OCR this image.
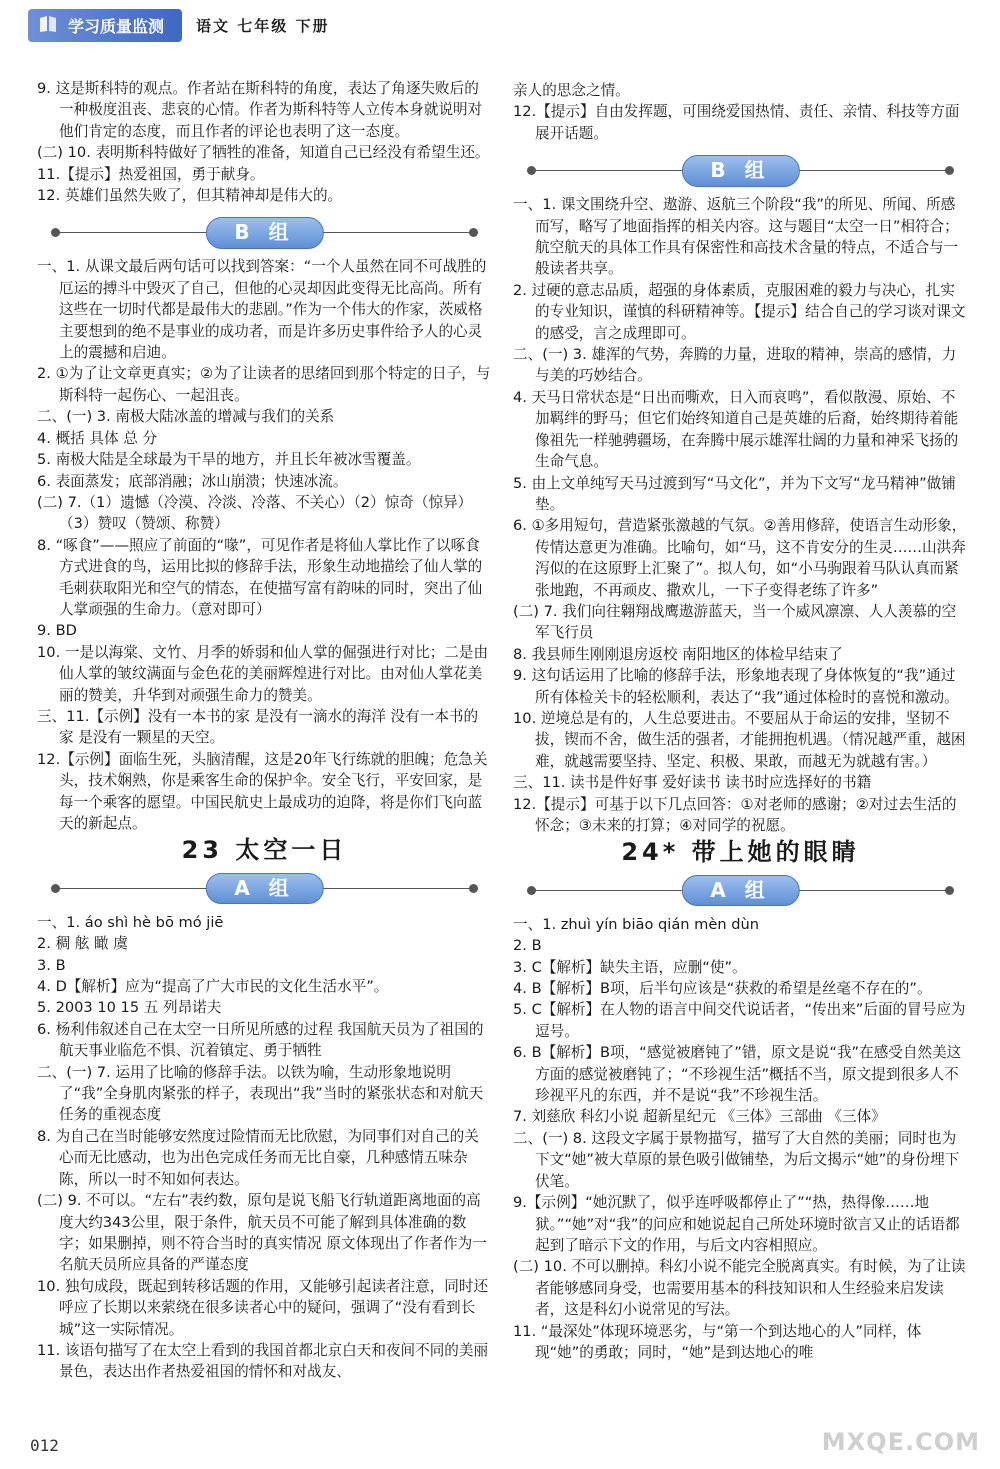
学习质量监测	语文 七年级 下册

9. 这是斯科特的观点。作者站在斯科特的角度，表达了角逐失败后的一种极度沮丧、悲哀的心情。作者为斯科特等人立传本身就说明对他们肯定的态度，而且作者的评论也表明了这一态度。

(二) 10. 表明斯科特做好了牺牲的准备，知道自己已经没有希望生还。

11.【提示】热爱祖国，勇于献身。

12. 英雄们虽然失败了，但其精神却是伟大的。

B 组

一、1. 从课文最后两句话可以找到答案：“一个人虽然在同不可战胜的厄运的搏斗中毁灭了自己，但他的心灵却因此变得无比高尚。所有这些在一切时代都是最伟大的悲剧。”作为一个伟大的作家，茨威格主要想到的绝不是事业的成功者，而是许多历史事件给予人的心灵上的震撼和启迪。

2. ①为了让文章更真实；②为了让读者的思绪回到那个特定的日子，与斯科特一起伤心、一起沮丧。

二、(一) 3. 南极大陆冰盖的增减与我们的关系

4. 概括 具体 总 分

5. 南极大陆是全球最为干旱的地方，并且长年被冰雪覆盖。

6. 表面蒸发；底部消融；冰山崩溃；快速冰流。

(二) 7.（1）遗憾（冷漠、冷淡、冷落、不关心）（2）惊奇（惊异）（3）赞叹（赞颂、称赞）

8. “啄食”——照应了前面的“喙”，可见作者是将仙人掌比作了以啄食方式进食的鸟，运用比拟的修辞手法，形象生动地描绘了仙人掌的毛刺获取阳光和空气的情态，在使描写富有韵味的同时，突出了仙人掌顽强的生命力。（意对即可）

9. BD

10. 一是以海棠、文竹、月季的娇弱和仙人掌的倔强进行对比；二是由仙人掌的皱纹满面与金色花的美丽辉煌进行对比。由对仙人掌花美丽的赞美，升华到对顽强生命力的赞美。

三、11.【示例】没有一本书的家 是没有一滴水的海洋 没有一本书的家 是没有一颗星的天空。

12.【示例】面临生死，头脑清醒，这是20年飞行练就的胆魄；危急关头，技术娴熟，你是乘客生命的保护伞。安全飞行，平安回家，是每一个乘客的愿望。中国民航史上最成功的迫降，将是你们飞向蓝天的新起点。

23 太空一日
A 组

一、1. áo shì hè bō mó jiē

2. 稠 舷 瞰 虞

3. B

4. D【解析】应为“提高了广大市民的文化生活水平”。

5. 2003 10 15 五 列昂诺夫

6. 杨利伟叙述自己在太空一日所见所感的过程 我国航天员为了祖国的航天事业临危不惧、沉着镇定、勇于牺牲

二、(一) 7. 运用了比喻的修辞手法。以铁为喻，生动形象地说明了“我”全身肌肉紧张的样子，表现出“我”当时的紧张状态和对航天任务的重视态度

8. 为自己在当时能够安然度过险情而无比欣慰，为同事们对自己的关心而无比感动，也为出色完成任务而无比自豪，几种感情五味杂陈，所以一时不知如何表达。

(二) 9. 不可以。“左右”表约数，原句是说飞船飞行轨道距离地面的高度大约343公里，限于条件，航天员不可能了解到具体准确的数字；如果删掉，则不符合当时的真实情况 原文体现出了作者作为一名航天员所应具备的严谨态度

10. 独句成段，既起到转移话题的作用，又能够引起读者注意，同时还呼应了长期以来萦绕在很多读者心中的疑问，强调了“没有看到长城”这一实际情况。

11. 该语句描写了在太空上看到的我国首都北京白天和夜间不同的美丽景色，表达出作者热爱祖国的情怀和对战友、

亲人的思念之情。

12.【提示】自由发挥题，可围绕爱国热情、责任、亲情、科技等方面展开话题。

B 组

一、1. 课文围绕升空、遨游、返航三个阶段“我”的所见、所闻、所感而写，略写了地面指挥的相关内容。这与题目“太空一日”相符合；航空航天的具体工作具有保密性和高技术含量的特点，不适合与一般读者共享。

2. 过硬的意志品质，超强的身体素质，克服困难的毅力与决心，扎实的专业知识，谨慎的科研精神等。【提示】结合自己的学习谈对课文的感受，言之成理即可。

二、(一) 3. 雄浑的气势，奔腾的力量，进取的精神，崇高的感情，力与美的巧妙结合。

4. 天马日常状态是“日出而嘶欢，日入而哀鸣”，看似散漫、原始、不加羁绊的野马；但它们始终知道自己是英雄的后裔，始终期待着能像祖先一样驰骋疆场，在奔腾中展示雄浑壮阔的力量和神采飞扬的生命气息。

5. 由上文单纯写天马过渡到写“马文化”，并为下文写“龙马精神”做铺垫。

6. ①多用短句，营造紧张激越的气氛。②善用修辞，使语言生动形象，传情达意更为准确。比喻句，如“马，这不肯安分的生灵……山洪奔泻似的在这原野上汇聚了”。拟人句，如“小马驹跟着马队认真而紧张地跑，不再顽皮、撒欢儿，一下子变得老练了许多”

(二) 7. 我们向往翱翔战鹰遨游蓝天，当一个威风凛凛、人人羡慕的空军飞行员

8. 我县师生刚刚退房返校 南阳地区的体检早结束了

9. 这句话运用了比喻的修辞手法，形象地表现了身体恢复的“我”通过所有体检关卡的轻松顺利，表达了“我”通过体检时的喜悦和激动。

10. 逆境总是有的，人生总要进击。不要屈从于命运的安排，坚韧不拔，锲而不舍，做生活的强者，才能拥抱机遇。（情况越严重，越困难，就越需要坚持、坚定、积极、果敢，而越无为就越有害。）

三、11. 读书是件好事 爱好读书 读书时应选择好的书籍

12.【提示】可基于以下几点回答：①对老师的感谢；②对过去生活的怀念；③未来的打算；④对同学的祝愿。

24* 带上她的眼睛
A 组

一、1. zhuì yín biāo qián mèn dùn

2. B

3. C【解析】缺失主语，应删“使”。

4. B【解析】B项，后半句应该是“获救的希望是丝毫不存在的”。

5. C【解析】在人物的语言中间交代说话者，“传出来”后面的冒号应为逗号。

6. B【解析】B项，“感觉被磨钝了”错，原文是说“我”在感受自然美这方面的感觉被磨钝了；“不珍视生活”概括不当，原文提到很多人不珍视平凡的东西，并不是说“我”不珍视生活。

7. 刘慈欣 科幻小说 超新星纪元 《三体》三部曲 《三体》

二、(一) 8. 这段文字属于景物描写，描写了大自然的美丽；同时也为下文“她”被大草原的景色吸引做铺垫，为后文揭示“她”的身份埋下伏笔。

9.【示例】“她沉默了，似乎连呼吸都停止了”“热，热得像……地狱。”“她”对“我”的问应和她说起自己所处环境时欲言又止的话语都起到了暗示下文的作用，与后文内容相照应。

(二) 10. 不可以删掉。科幻小说不能完全脱离真实。有时候，为了让读者能够感同身受，也需要用基本的科技知识和人生经验来启发读者，这是科幻小说常见的写法。

11. “最深处”体现环境恶劣，与“第一个到达地心的人”同样，体现“她”的勇敢；同时，“她”是到达地心的唯

012	MXQE.COM
